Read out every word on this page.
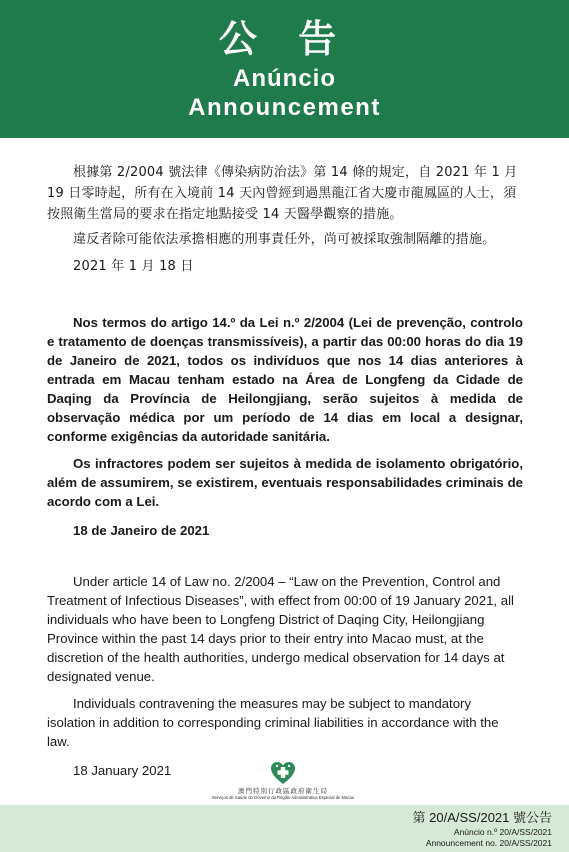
公 告
Anúncio
Announcement

根據第 2/2004 號法律《傳染病防治法》第 14 條的規定，自 2021 年 1 月 19 日零時起，所有在入境前 14 天內曾經到過黑龍江省大慶市龍鳳區的人士，須按照衛生當局的要求在指定地點接受 14 天醫學觀察的措施。

違反者除可能依法承擔相應的刑事責任外，尚可被採取強制隔離的措施。

2021 年 1 月 18 日

Nos termos do artigo 14.º da Lei n.º 2/2004 (Lei de prevenção, controlo e tratamento de doenças transmissíveis), a partir das 00:00 horas do dia 19 de Janeiro de 2021, todos os indivíduos que nos 14 dias anteriores à entrada em Macau tenham estado na Área de Longfeng da Cidade de Daqing da Província de Heilongjiang, serão sujeitos à medida de observação médica por um período de 14 dias em local a designar, conforme exigências da autoridade sanitária.

Os infractores podem ser sujeitos à medida de isolamento obrigatório, além de assumirem, se existirem, eventuais responsabilidades criminais de acordo com a Lei.

18 de Janeiro de 2021

Under article 14 of Law no. 2/2004 – “Law on the Prevention, Control and Treatment of Infectious Diseases”, with effect from 00:00 of 19 January 2021, all individuals who have been to Longfeng District of Daqing City, Heilongjiang Province within the past 14 days prior to their entry into Macao must, at the discretion of the health authorities, undergo medical observation for 14 days at designated venue.

Individuals contravening the measures may be subject to mandatory isolation in addition to corresponding criminal liabilities in accordance with the law.

18 January 2021

澳門特別行政區政府衛生局
Serviços de Saúde do Governo da Região Administrativa Especial de Macau
第 20/A/SS/2021 號公告
Anúncio n.º 20/A/SS/2021
Announcement no. 20/A/SS/2021
